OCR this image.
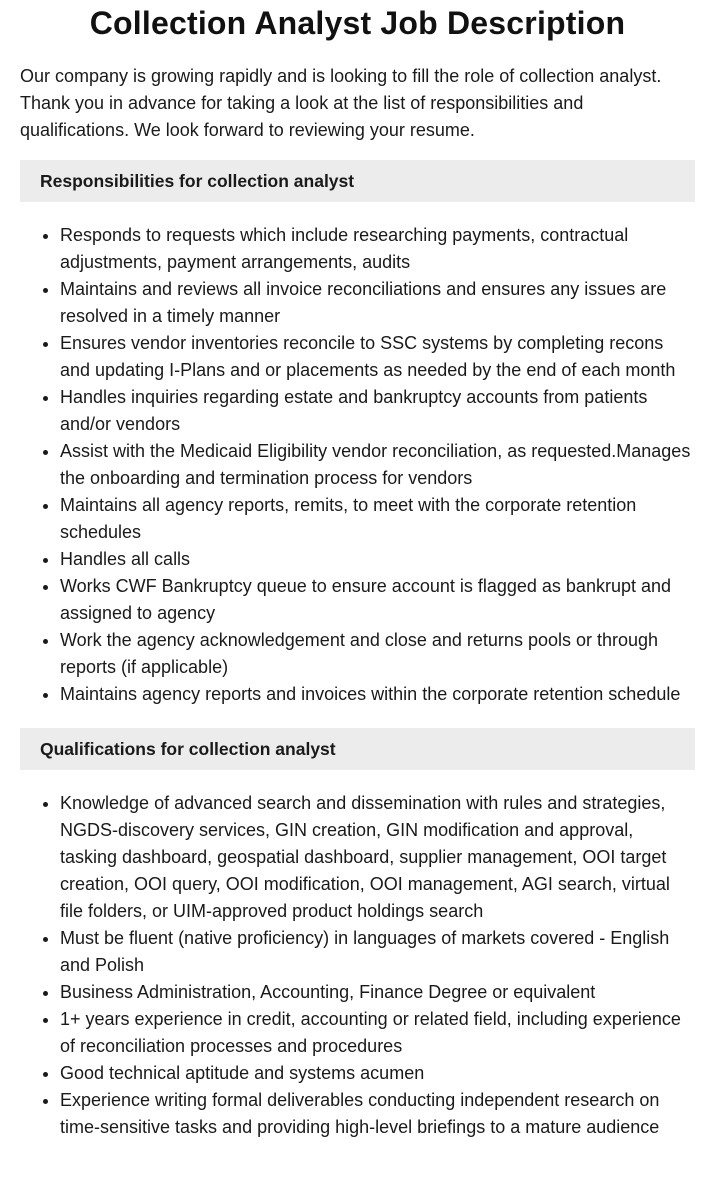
Collection Analyst Job Description

Our company is growing rapidly and is looking to fill the role of collection analyst. Thank you in advance for taking a look at the list of responsibilities and qualifications. We look forward to reviewing your resume.

Responsibilities for collection analyst
• Responds to requests which include researching payments, contractual adjustments, payment arrangements, audits
• Maintains and reviews all invoice reconciliations and ensures any issues are resolved in a timely manner
• Ensures vendor inventories reconcile to SSC systems by completing recons and updating I-Plans and or placements as needed by the end of each month
• Handles inquiries regarding estate and bankruptcy accounts from patients and/or vendors
• Assist with the Medicaid Eligibility vendor reconciliation, as requested.Manages the onboarding and termination process for vendors
• Maintains all agency reports, remits, to meet with the corporate retention schedules
• Handles all calls
• Works CWF Bankruptcy queue to ensure account is flagged as bankrupt and assigned to agency
• Work the agency acknowledgement and close and returns pools or through reports (if applicable)
• Maintains agency reports and invoices within the corporate retention schedule
Qualifications for collection analyst
• Knowledge of advanced search and dissemination with rules and strategies, NGDS-discovery services, GIN creation, GIN modification and approval, tasking dashboard, geospatial dashboard, supplier management, OOI target creation, OOI query, OOI modification, OOI management, AGI search, virtual file folders, or UIM-approved product holdings search
• Must be fluent (native proficiency) in languages of markets covered - English and Polish
• Business Administration, Accounting, Finance Degree or equivalent
• 1+ years experience in credit, accounting or related field, including experience of reconciliation processes and procedures
• Good technical aptitude and systems acumen
• Experience writing formal deliverables conducting independent research on time-sensitive tasks and providing high-level briefings to a mature audience
